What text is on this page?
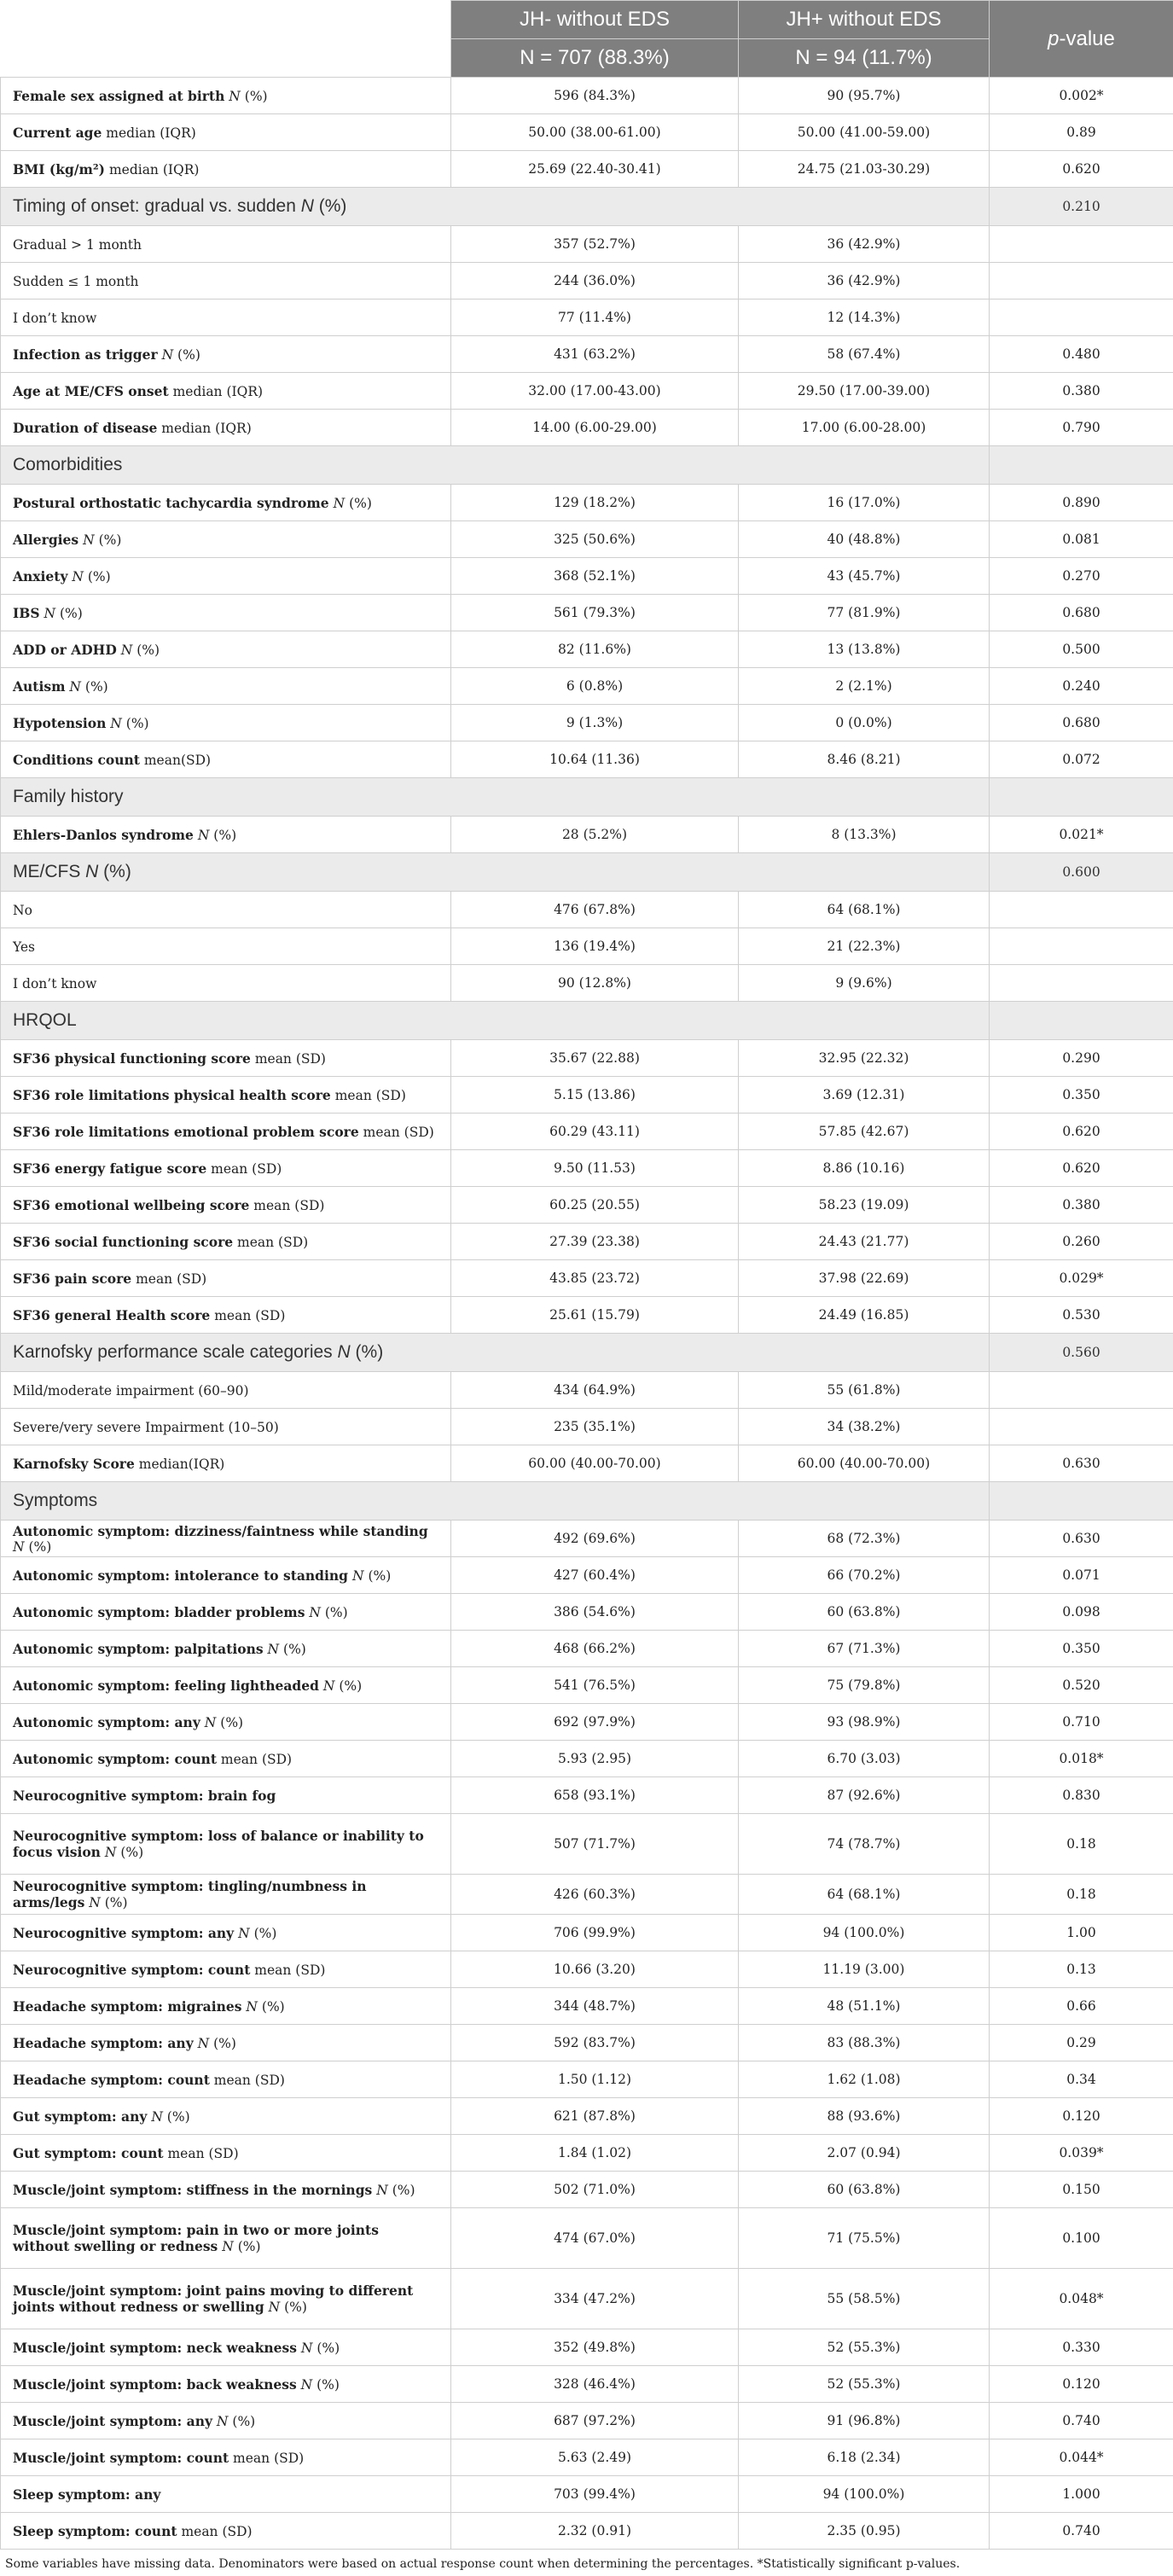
	JH- without EDS	JH+ without EDS	p-value
	N = 707 (88.3%)	N = 94 (11.7%)	
Female sex assigned at birth N (%)	596 (84.3%)	90 (95.7%)	0.002*
Current age median (IQR)	50.00 (38.00-61.00)	50.00 (41.00-59.00)	0.89
BMI (kg/m²) median (IQR)	25.69 (22.40-30.41)	24.75 (21.03-30.29)	0.620
Timing of onset: gradual vs. sudden N (%)			0.210
Gradual > 1 month	357 (52.7%)	36 (42.9%)	
Sudden ≤ 1 month	244 (36.0%)	36 (42.9%)	
I don’t know	77 (11.4%)	12 (14.3%)	
Infection as trigger N (%)	431 (63.2%)	58 (67.4%)	0.480
Age at ME/CFS onset median (IQR)	32.00 (17.00-43.00)	29.50 (17.00-39.00)	0.380
Duration of disease median (IQR)	14.00 (6.00-29.00)	17.00 (6.00-28.00)	0.790
Comorbidities			
Postural orthostatic tachycardia syndrome N (%)	129 (18.2%)	16 (17.0%)	0.890
Allergies N (%)	325 (50.6%)	40 (48.8%)	0.081
Anxiety N (%)	368 (52.1%)	43 (45.7%)	0.270
IBS N (%)	561 (79.3%)	77 (81.9%)	0.680
ADD or ADHD N (%)	82 (11.6%)	13 (13.8%)	0.500
Autism N (%)	6 (0.8%)	2 (2.1%)	0.240
Hypotension N (%)	9 (1.3%)	0 (0.0%)	0.680
Conditions count mean(SD)	10.64 (11.36)	8.46 (8.21)	0.072
Family history			
Ehlers-Danlos syndrome N (%)	28 (5.2%)	8 (13.3%)	0.021*
ME/CFS N (%)			0.600
No	476 (67.8%)	64 (68.1%)	
Yes	136 (19.4%)	21 (22.3%)	
I don’t know	90 (12.8%)	9 (9.6%)	
HRQOL			
SF36 physical functioning score mean (SD)	35.67 (22.88)	32.95 (22.32)	0.290
SF36 role limitations physical health score mean (SD)	5.15 (13.86)	3.69 (12.31)	0.350
SF36 role limitations emotional problem score mean (SD)	60.29 (43.11)	57.85 (42.67)	0.620
SF36 energy fatigue score mean (SD)	9.50 (11.53)	8.86 (10.16)	0.620
SF36 emotional wellbeing score mean (SD)	60.25 (20.55)	58.23 (19.09)	0.380
SF36 social functioning score mean (SD)	27.39 (23.38)	24.43 (21.77)	0.260
SF36 pain score mean (SD)	43.85 (23.72)	37.98 (22.69)	0.029*
SF36 general Health score mean (SD)	25.61 (15.79)	24.49 (16.85)	0.530
Karnofsky performance scale categories N (%)			0.560
Mild/moderate impairment (60–90)	434 (64.9%)	55 (61.8%)	
Severe/very severe Impairment (10–50)	235 (35.1%)	34 (38.2%)	
Karnofsky Score median(IQR)	60.00 (40.00-70.00)	60.00 (40.00-70.00)	0.630
Symptoms			
Autonomic symptom: dizziness/faintness while standing N (%)	492 (69.6%)	68 (72.3%)	0.630
Autonomic symptom: intolerance to standing N (%)	427 (60.4%)	66 (70.2%)	0.071
Autonomic symptom: bladder problems N (%)	386 (54.6%)	60 (63.8%)	0.098
Autonomic symptom: palpitations N (%)	468 (66.2%)	67 (71.3%)	0.350
Autonomic symptom: feeling lightheaded N (%)	541 (76.5%)	75 (79.8%)	0.520
Autonomic symptom: any N (%)	692 (97.9%)	93 (98.9%)	0.710
Autonomic symptom: count mean (SD)	5.93 (2.95)	6.70 (3.03)	0.018*
Neurocognitive symptom: brain fog	658 (93.1%)	87 (92.6%)	0.830
Neurocognitive symptom: loss of balance or inability to focus vision N (%)	507 (71.7%)	74 (78.7%)	0.18
Neurocognitive symptom: tingling/numbness in arms/legs N (%)	426 (60.3%)	64 (68.1%)	0.18
Neurocognitive symptom: any N (%)	706 (99.9%)	94 (100.0%)	1.00
Neurocognitive symptom: count mean (SD)	10.66 (3.20)	11.19 (3.00)	0.13
Headache symptom: migraines N (%)	344 (48.7%)	48 (51.1%)	0.66
Headache symptom: any N (%)	592 (83.7%)	83 (88.3%)	0.29
Headache symptom: count mean (SD)	1.50 (1.12)	1.62 (1.08)	0.34
Gut symptom: any N (%)	621 (87.8%)	88 (93.6%)	0.120
Gut symptom: count mean (SD)	1.84 (1.02)	2.07 (0.94)	0.039*
Muscle/joint symptom: stiffness in the mornings N (%)	502 (71.0%)	60 (63.8%)	0.150
Muscle/joint symptom: pain in two or more joints without swelling or redness N (%)	474 (67.0%)	71 (75.5%)	0.100
Muscle/joint symptom: joint pains moving to different joints without redness or swelling N (%)	334 (47.2%)	55 (58.5%)	0.048*
Muscle/joint symptom: neck weakness N (%)	352 (49.8%)	52 (55.3%)	0.330
Muscle/joint symptom: back weakness N (%)	328 (46.4%)	52 (55.3%)	0.120
Muscle/joint symptom: any N (%)	687 (97.2%)	91 (96.8%)	0.740
Muscle/joint symptom: count mean (SD)	5.63 (2.49)	6.18 (2.34)	0.044*
Sleep symptom: any	703 (99.4%)	94 (100.0%)	1.000
Sleep symptom: count mean (SD)	2.32 (0.91)	2.35 (0.95)	0.740
Some variables have missing data. Denominators were based on actual response count when determining the percentages. *Statistically significant p-values.
